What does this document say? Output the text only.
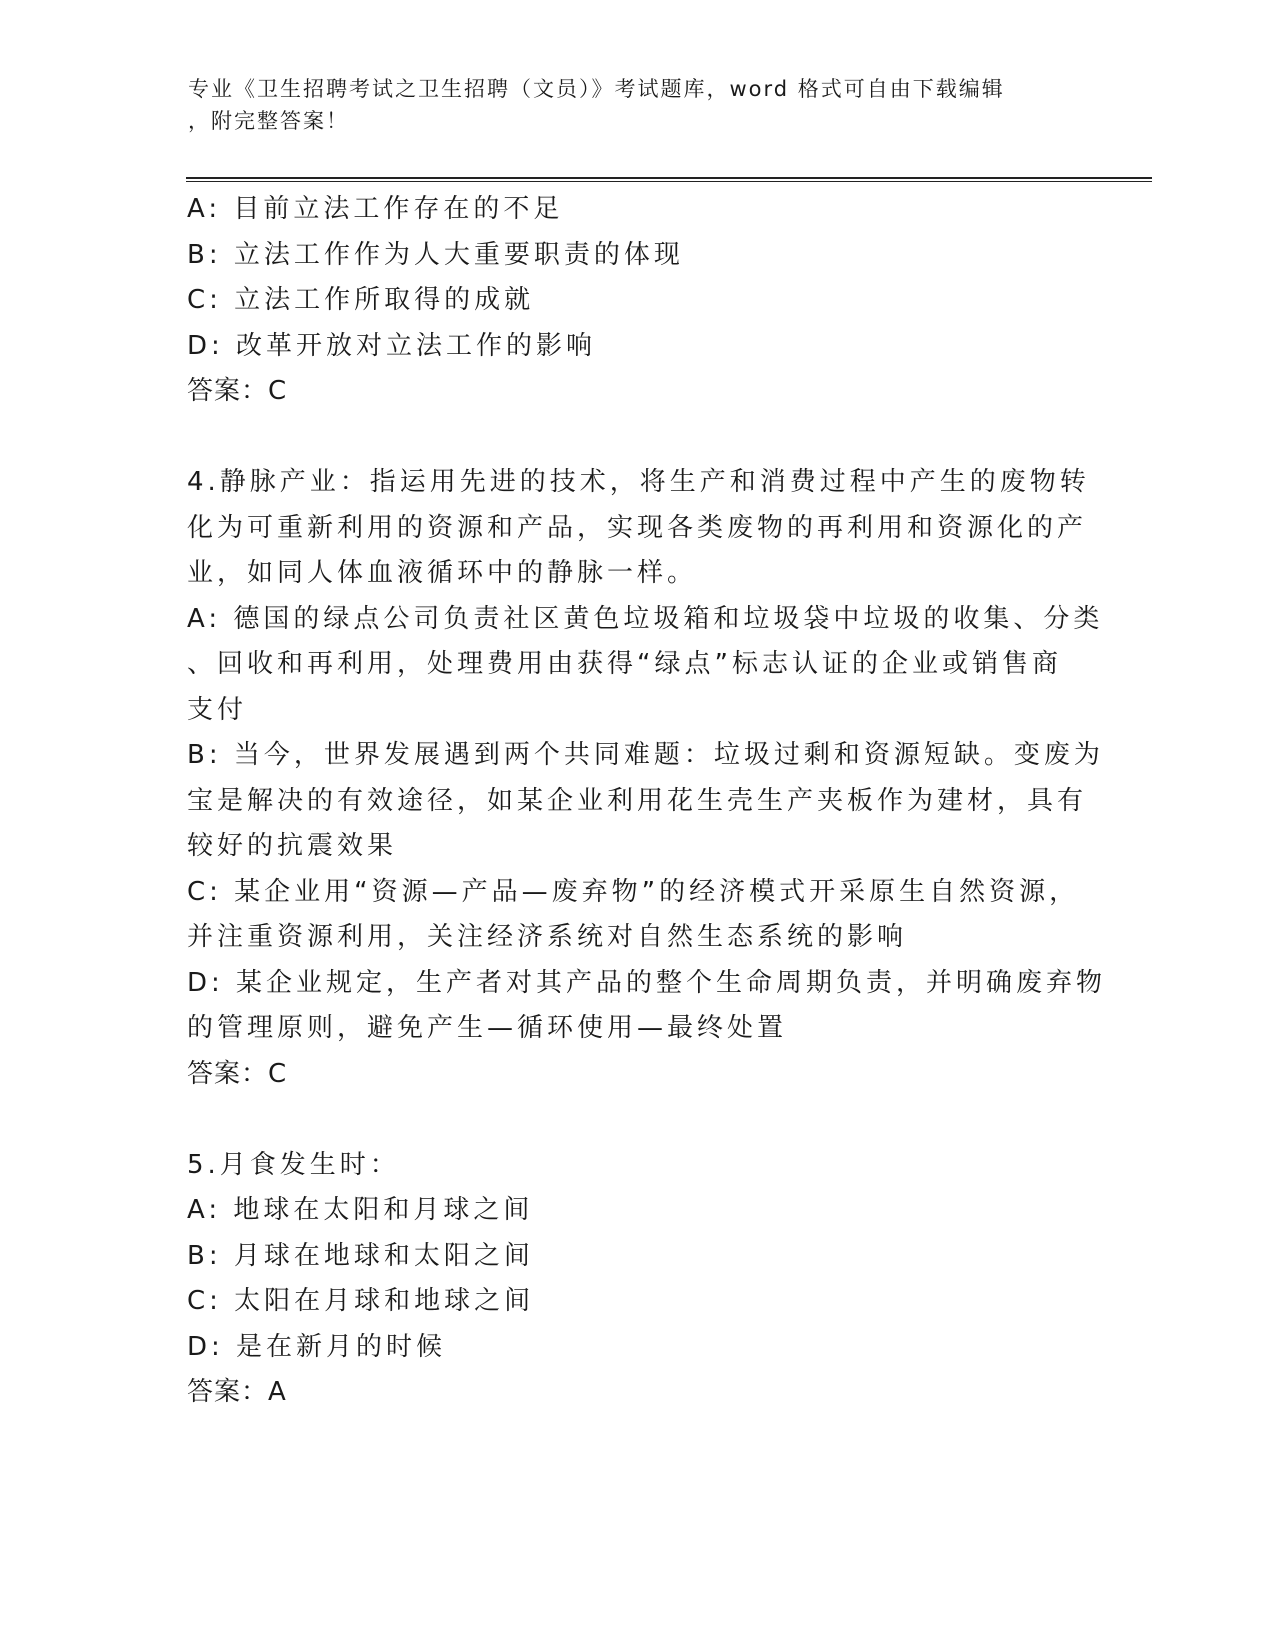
专业《卫生招聘考试之卫生招聘（文员）》考试题库，word 格式可自由下载编辑
，附完整答案！
A: 目前立法工作存在的不足
B: 立法工作作为人大重要职责的体现
C: 立法工作所取得的成就
D: 改革开放对立法工作的影响
答案：C
4.静脉产业：指运用先进的技术，将生产和消费过程中产生的废物转
化为可重新利用的资源和产品，实现各类废物的再利用和资源化的产
业，如同人体血液循环中的静脉一样。
A: 德国的绿点公司负责社区黄色垃圾箱和垃圾袋中垃圾的收集、分类
、回收和再利用，处理费用由获得“绿点”标志认证的企业或销售商
支付
B: 当今，世界发展遇到两个共同难题：垃圾过剩和资源短缺。变废为
宝是解决的有效途径，如某企业利用花生壳生产夹板作为建材，具有
较好的抗震效果
C: 某企业用“资源—产品—废弃物”的经济模式开采原生自然资源，
并注重资源利用，关注经济系统对自然生态系统的影响
D: 某企业规定，生产者对其产品的整个生命周期负责，并明确废弃物
的管理原则，避免产生—循环使用—最终处置
答案：C
5.月食发生时：
A: 地球在太阳和月球之间
B: 月球在地球和太阳之间
C: 太阳在月球和地球之间
D: 是在新月的时候
答案：A
